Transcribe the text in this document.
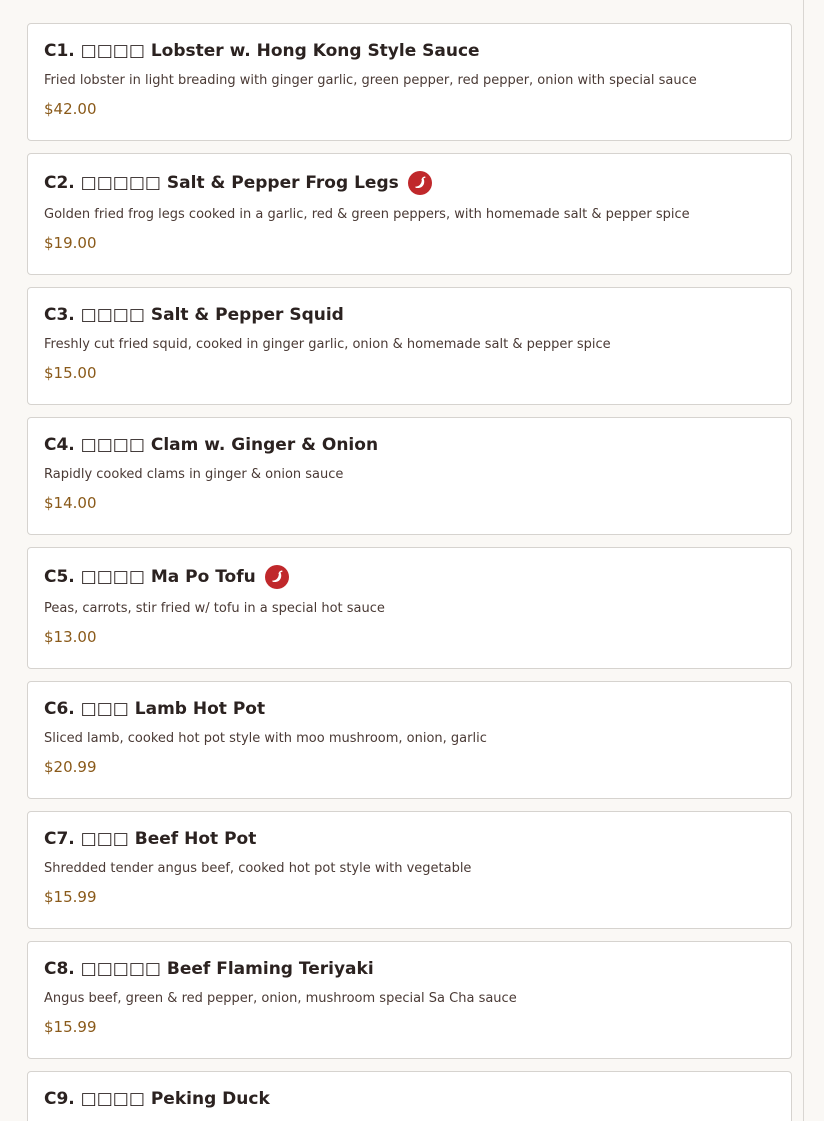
C1. □□□□ Lobster w. Hong Kong Style Sauce
Fried lobster in light breading with ginger garlic, green pepper, red pepper, onion with special sauce
$42.00
C2. □□□□□ Salt & Pepper Frog Legs
Golden fried frog legs cooked in a garlic, red & green peppers, with homemade salt & pepper spice
$19.00
C3. □□□□ Salt & Pepper Squid
Freshly cut fried squid, cooked in ginger garlic, onion & homemade salt & pepper spice
$15.00
C4. □□□□ Clam w. Ginger & Onion
Rapidly cooked clams in ginger & onion sauce
$14.00
C5. □□□□ Ma Po Tofu
Peas, carrots, stir fried w/ tofu in a special hot sauce
$13.00
C6. □□□ Lamb Hot Pot
Sliced lamb, cooked hot pot style with moo mushroom, onion, garlic
$20.99
C7. □□□ Beef Hot Pot
Shredded tender angus beef, cooked hot pot style with vegetable
$15.99
C8. □□□□□ Beef Flaming Teriyaki
Angus beef, green & red pepper, onion, mushroom special Sa Cha sauce
$15.99
C9. □□□□ Peking Duck
